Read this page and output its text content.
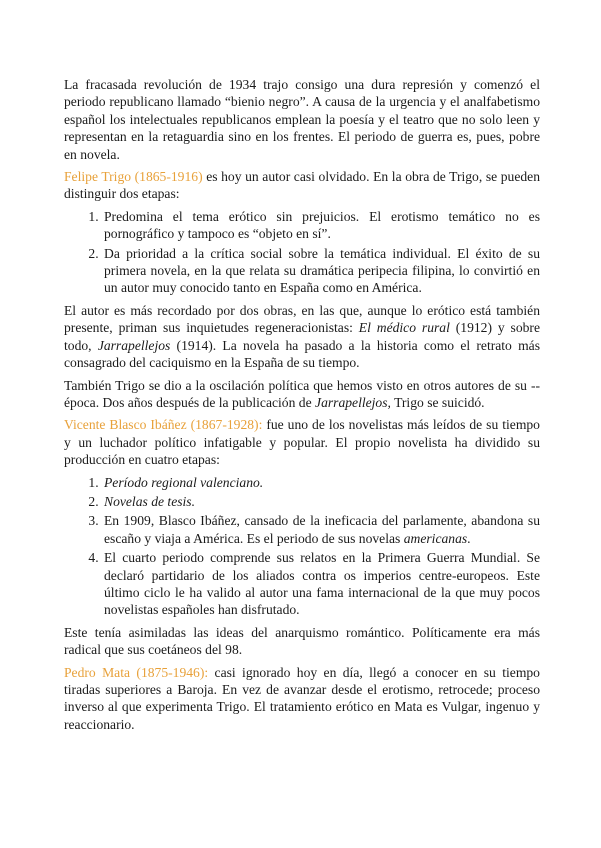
La fracasada revolución de 1934 trajo consigo una dura represión y comenzó el periodo republicano llamado “bienio negro”. A causa de la urgencia y el analfabetismo español los intelectuales republicanos emplean la poesía y el teatro que no solo leen y representan en la retaguardia sino en los frentes. El periodo de guerra es, pues, pobre en novela.

Felipe Trigo (1865-1916) es hoy un autor casi olvidado. En la obra de Trigo, se pueden distinguir dos etapas:

1. Predomina el tema erótico sin prejuicios. El erotismo temático no es pornográfico y tampoco es “objeto en sí”.
2. Da prioridad a la crítica social sobre la temática individual. El éxito de su primera novela, en la que relata su dramática peripecia filipina, lo convirtió en un autor muy conocido tanto en España como en América.

El autor es más recordado por dos obras, en las que, aunque lo erótico está también presente, priman sus inquietudes regeneracionistas: El médico rural (1912) y sobre todo, Jarrapellejos (1914). La novela ha pasado a la historia como el retrato más consagrado del caciquismo en la España de su tiempo.

También Trigo se dio a la oscilación política que hemos visto en otros autores de su --época. Dos años después de la publicación de Jarrapellejos, Trigo se suicidó.

Vicente Blasco Ibáñez (1867-1928): fue uno de los novelistas más leídos de su tiempo y un luchador político infatigable y popular. El propio novelista ha dividido su producción en cuatro etapas:

1. Período regional valenciano.
2. Novelas de tesis.
3. En 1909, Blasco Ibáñez, cansado de la ineficacia del parlamente, abandona su escaño y viaja a América. Es el periodo de sus novelas americanas.
4. El cuarto periodo comprende sus relatos en la Primera Guerra Mundial. Se declaró partidario de los aliados contra os imperios centre-europeos. Este último ciclo le ha valido al autor una fama internacional de la que muy pocos novelistas españoles han disfrutado.

Este tenía asimiladas las ideas del anarquismo romántico. Políticamente era más radical que sus coetáneos del 98.

Pedro Mata (1875-1946): casi ignorado hoy en día, llegó a conocer en su tiempo tiradas superiores a Baroja. En vez de avanzar desde el erotismo, retrocede; proceso inverso al que experimenta Trigo. El tratamiento erótico en Mata es Vulgar, ingenuo y reaccionario.
